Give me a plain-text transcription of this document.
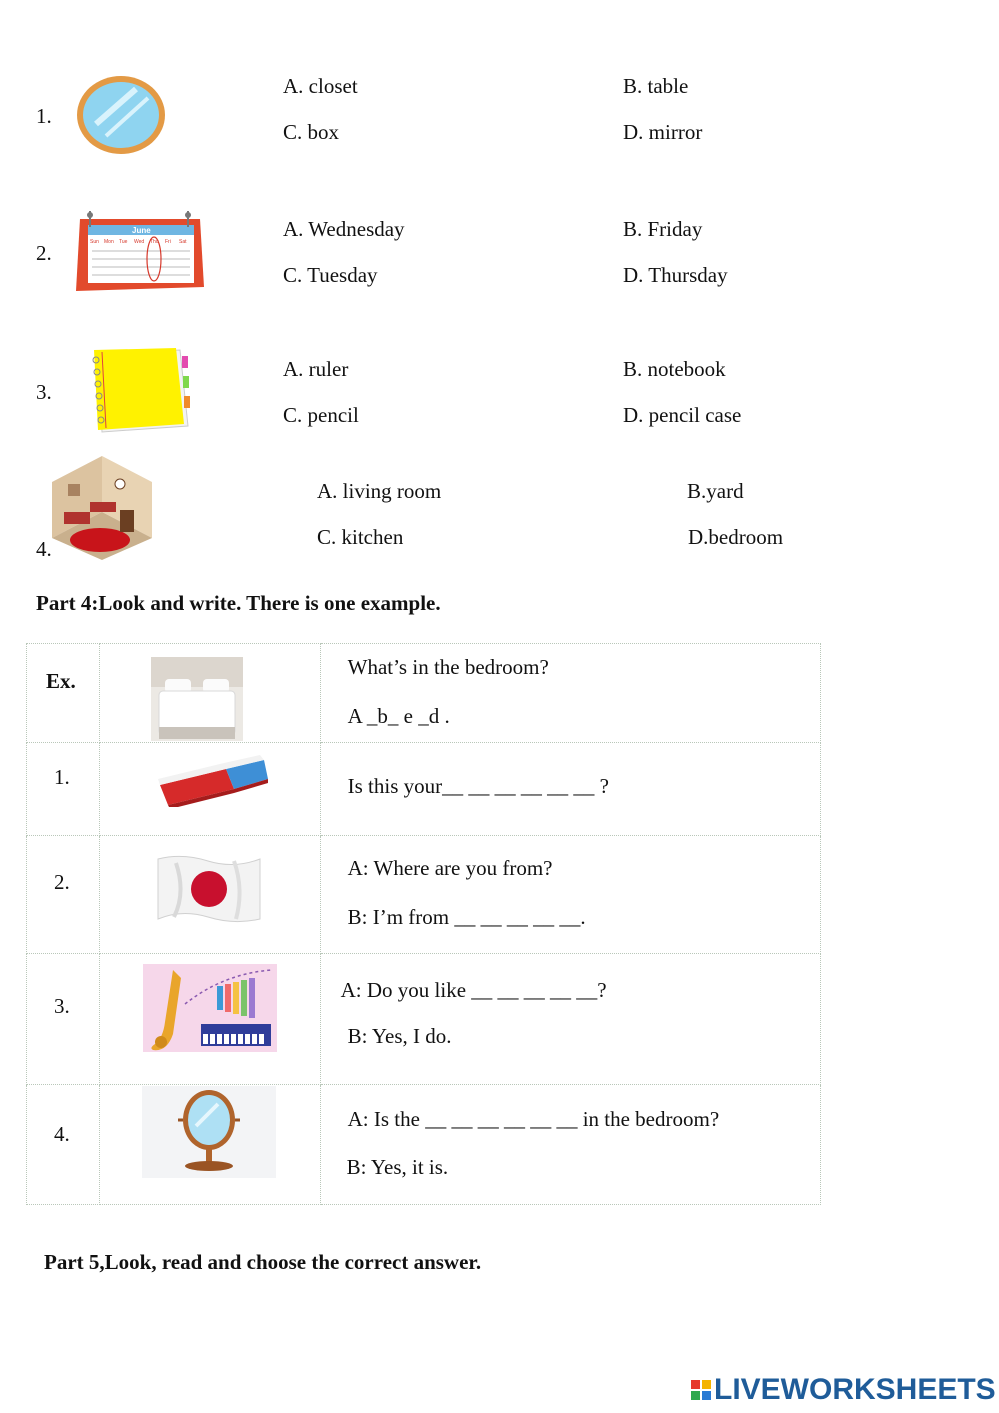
1.
A. closet	B. table
C. box	D. mirror
2.
June
Sun Mon Tue Wed Thu Fri Sat
A. Wednesday	B. Friday
C. Tuesday	D. Thursday
3.
A. ruler	B. notebook
C. pencil	D. pencil case
4.
A. living room	B.yard
C. kitchen	D.bedroom
Part 4:Look and write. There is one example.
Ex.		What’s in the bedroom?
A _b_ e _d .

1.		Is this your__ __ __ __ __ __ ?

2.		A: Where are you from?
B: I’m from __ __ __ __ __.

3.		A: Do you like __ __ __ __ __?
B: Yes, I do.

4.		A: Is the __ __ __ __ __ __ in the bedroom?
B: Yes, it is.
Part 5,Look, read and choose the correct answer.
LIVEWORKSHEETS
